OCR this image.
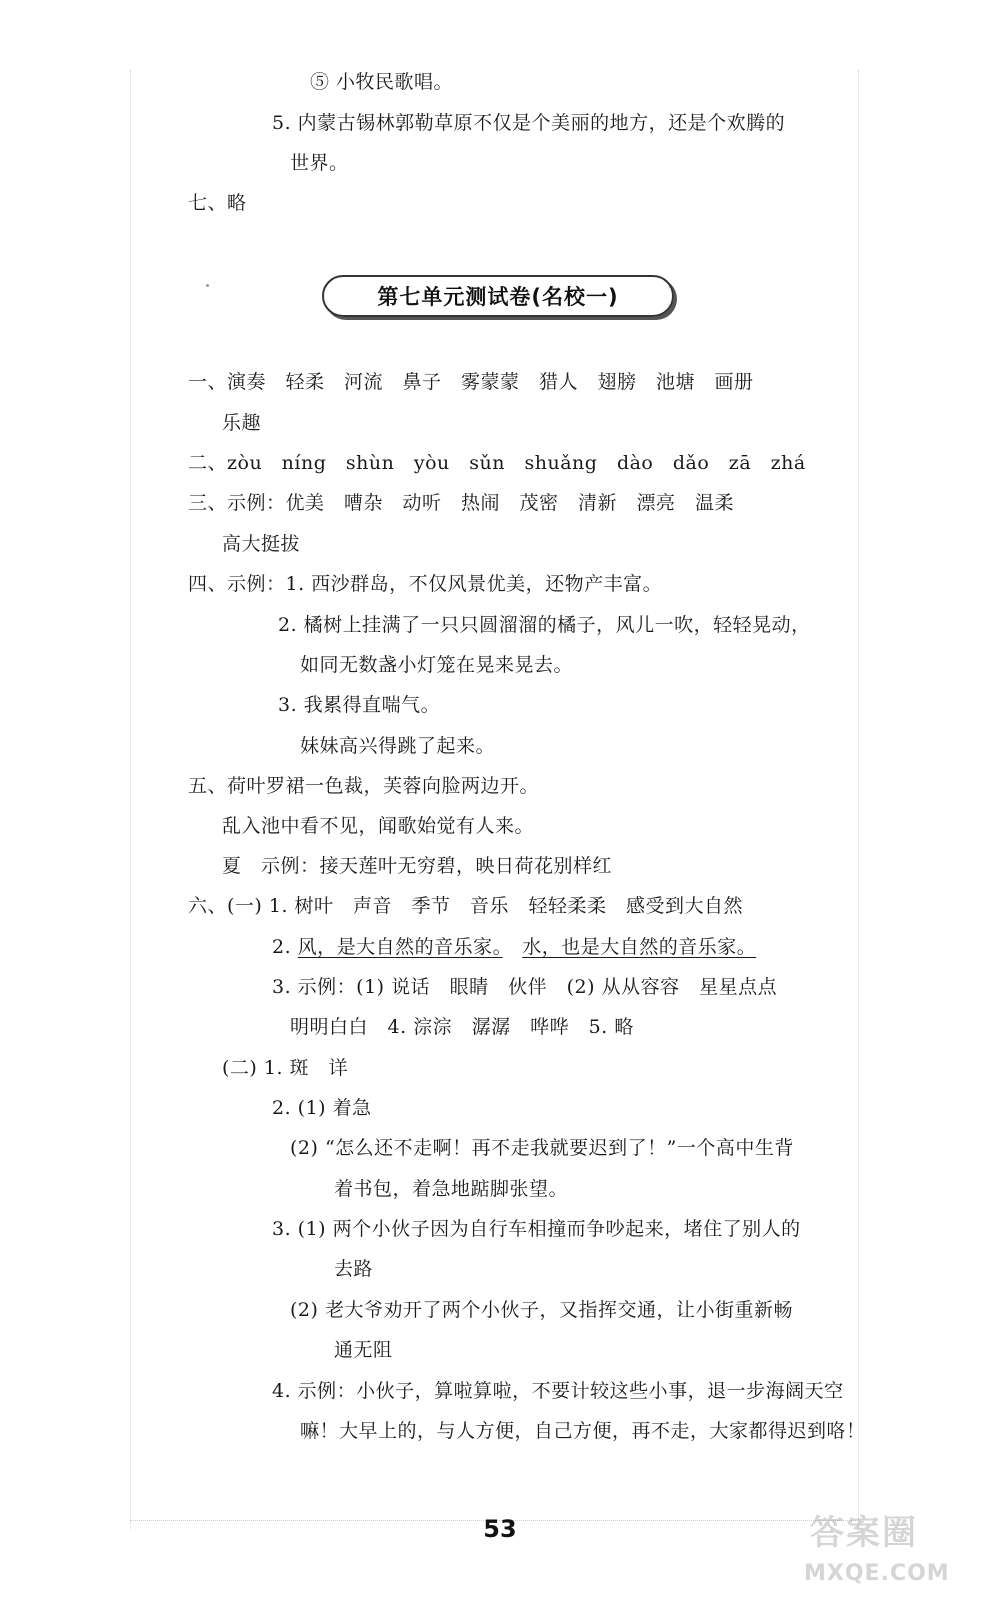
⑤ 小牧民歌唱。
5. 内蒙古锡林郭勒草原不仅是个美丽的地方，还是个欢腾的
世界。
七、略
第七单元测试卷(名校一)
一、演奏　轻柔　河流　鼻子　雾蒙蒙　猎人　翅膀　池塘　画册
乐趣
二、zòu　níng　shùn　yòu　sǔn　shuǎng　dào　dǎo　zā　zhá
三、示例：优美　嘈杂　动听　热闹　茂密　清新　漂亮　温柔
高大挺拔
四、示例：1. 西沙群岛，不仅风景优美，还物产丰富。
2. 橘树上挂满了一只只圆溜溜的橘子，风儿一吹，轻轻晃动，
如同无数盏小灯笼在晃来晃去。
3. 我累得直喘气。
妹妹高兴得跳了起来。
五、荷叶罗裙一色裁，芙蓉向脸两边开。
乱入池中看不见，闻歌始觉有人来。
夏　示例：接天莲叶无穷碧，映日荷花别样红
六、(一) 1. 树叶　声音　季节　音乐　轻轻柔柔　感受到大自然
2. 风，是大自然的音乐家。　 水，也是大自然的音乐家。
3. 示例：(1) 说话　眼睛　伙伴　(2) 从从容容　星星点点
明明白白　4. 淙淙　潺潺　哗哗　5. 略
(二) 1. 斑　详
2. (1) 着急
(2) “怎么还不走啊！再不走我就要迟到了！”一个高中生背
着书包，着急地踮脚张望。
3. (1) 两个小伙子因为自行车相撞而争吵起来，堵住了别人的
去路
(2) 老大爷劝开了两个小伙子，又指挥交通，让小街重新畅
通无阻
4. 示例：小伙子，算啦算啦，不要计较这些小事，退一步海阔天空
嘛！大早上的，与人方便，自己方便，再不走，大家都得迟到咯！
53	答案圈
MXQE.COM
